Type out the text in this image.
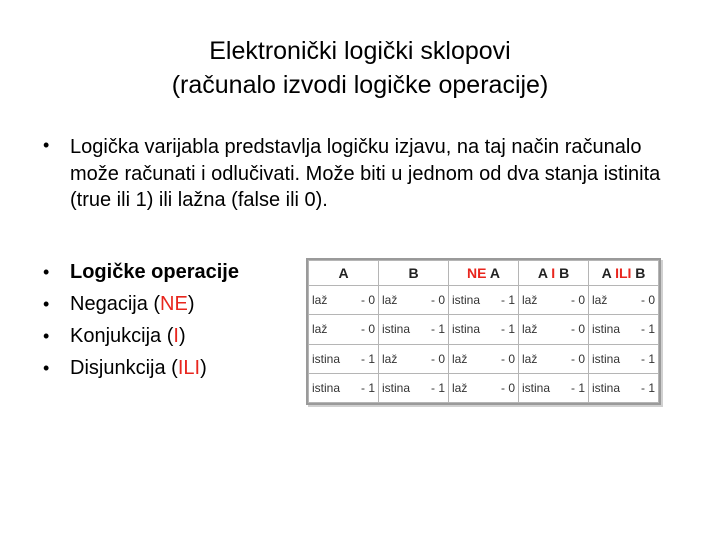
Elektronički logički sklopovi
(računalo izvodi logičke operacije)
• Logička varijabla predstavlja logičku izjavu, na taj način računalo može računati i odlučivati. Može biti u jednom od dva stanja istinita (true ili 1) ili lažna (false ili 0).
• Logičke operacije
• Negacija (NE)
• Konjukcija (I)
• Disjunkcija (ILI)
A	B	NE A	A I B	A ILI B

laž - 0	laž - 0	istina - 1	laž - 0	laž - 0

laž - 0	istina - 1	istina - 1	laž - 0	istina - 1

istina - 1	laž - 0	laž - 0	laž - 0	istina - 1

istina - 1	istina - 1	laž - 0	istina - 1	istina - 1
